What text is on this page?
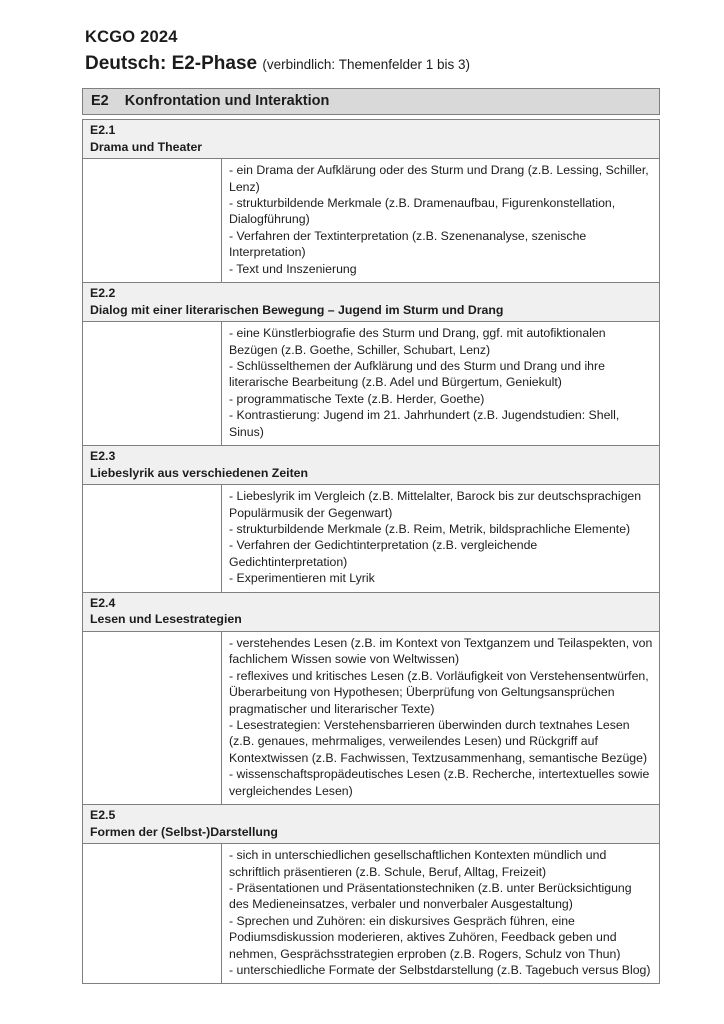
KCGO 2024
Deutsch: E2-Phase (verbindlich: Themenfelder 1 bis 3)
E2 Konfrontation und Interaktion
E2.1
Drama und Theater
- ein Drama der Aufklärung oder des Sturm und Drang (z.B. Lessing, Schiller, Lenz)
- strukturbildende Merkmale (z.B. Dramenaufbau, Figurenkonstellation, Dialogführung)
- Verfahren der Textinterpretation (z.B. Szenenanalyse, szenische Interpretation)
- Text und Inszenierung
E2.2
Dialog mit einer literarischen Bewegung – Jugend im Sturm und Drang
- eine Künstlerbiografie des Sturm und Drang, ggf. mit autofiktionalen Bezügen (z.B. Goethe, Schiller, Schubart, Lenz)
- Schlüsselthemen der Aufklärung und des Sturm und Drang und ihre literarische Bearbeitung (z.B. Adel und Bürgertum, Geniekult)
- programmatische Texte (z.B. Herder, Goethe)
- Kontrastierung: Jugend im 21. Jahrhundert (z.B. Jugendstudien: Shell, Sinus)
E2.3
Liebeslyrik aus verschiedenen Zeiten
- Liebeslyrik im Vergleich (z.B. Mittelalter, Barock bis zur deutschsprachigen Populärmusik der Gegenwart)
- strukturbildende Merkmale (z.B. Reim, Metrik, bildsprachliche Elemente)
- Verfahren der Gedichtinterpretation (z.B. vergleichende Gedichtinterpretation)
- Experimentieren mit Lyrik
E2.4
Lesen und Lesestrategien
- verstehendes Lesen (z.B. im Kontext von Textganzem und Teilaspekten, von fachlichem Wissen sowie von Weltwissen)
- reflexives und kritisches Lesen (z.B. Vorläufigkeit von Verstehensentwürfen, Überarbeitung von Hypothesen; Überprüfung von Geltungsansprüchen pragmatischer und literarischer Texte)
- Lesestrategien: Verstehensbarrieren überwinden durch textnahes Lesen (z.B. genaues, mehrmaliges, verweilendes Lesen) und Rückgriff auf Kontextwissen (z.B. Fachwissen, Textzusammenhang, semantische Bezüge)
- wissenschaftspropädeutisches Lesen (z.B. Recherche, intertextuelles sowie vergleichendes Lesen)
E2.5
Formen der (Selbst-)Darstellung
- sich in unterschiedlichen gesellschaftlichen Kontexten mündlich und schriftlich präsentieren (z.B. Schule, Beruf, Alltag, Freizeit)
- Präsentationen und Präsentationstechniken (z.B. unter Berücksichtigung des Medieneinsatzes, verbaler und nonverbaler Ausgestaltung)
- Sprechen und Zuhören: ein diskursives Gespräch führen, eine Podiumsdiskussion moderieren, aktives Zuhören, Feedback geben und nehmen, Gesprächsstrategien erproben (z.B. Rogers, Schulz von Thun)
- unterschiedliche Formate der Selbstdarstellung (z.B. Tagebuch versus Blog)
